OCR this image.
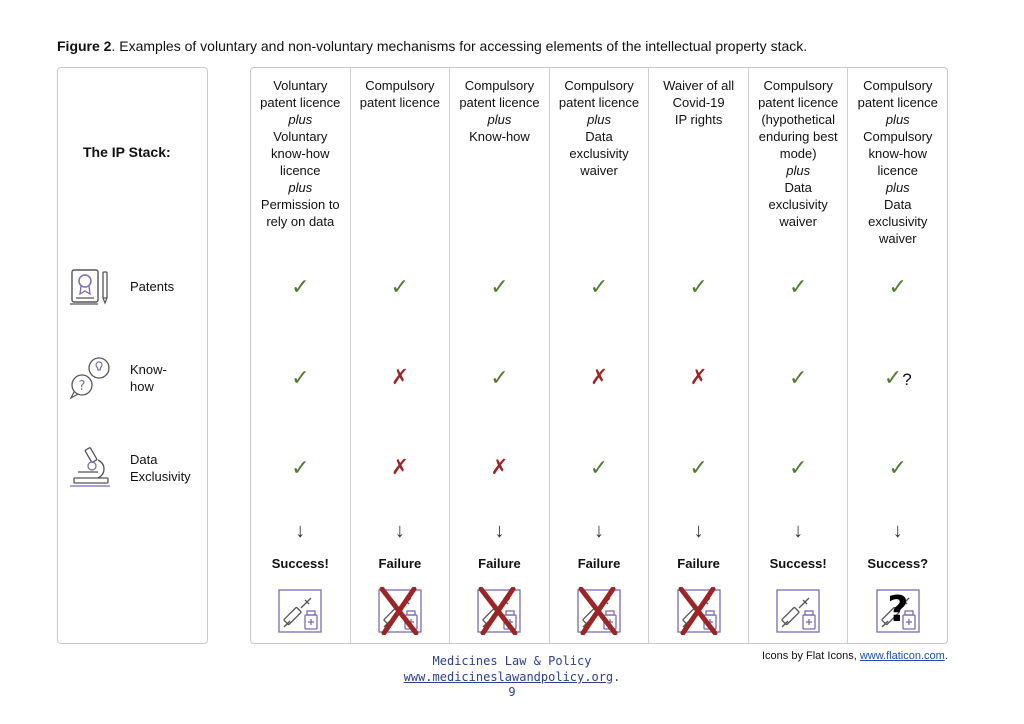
Figure 2. Examples of voluntary and non-voluntary mechanisms for accessing elements of the intellectual property stack.
The IP Stack:
Patents
?
Know-
how
Data
Exclusivity
Voluntary
patent licence
plus
Voluntary
know-how
licence
plus
Permission to
rely on data
✓
✓
✓
↓
Success!
Compulsory
patent licence
✓
✗
✗
↓
Failure
Compulsory
patent licence
plus
Know-how
✓
✓
✗
↓
Failure
Compulsory
patent licence
plus
Data
exclusivity
waiver
✓
✗
✓
↓
Failure
Waiver of all
Covid-19
IP rights
✓
✗
✓
↓
Failure
Compulsory
patent licence
(hypothetical
enduring best
mode)
plus
Data
exclusivity
waiver
✓
✓
✓
↓
Success!
Compulsory
patent licence
plus
Compulsory
know-how
licence
plus
Data
exclusivity
waiver
✓
✓?
✓
↓
Success?
?
Icons by Flat Icons, www.flaticon.com.
Medicines Law & Policy
www.medicineslawandpolicy.org.
9
